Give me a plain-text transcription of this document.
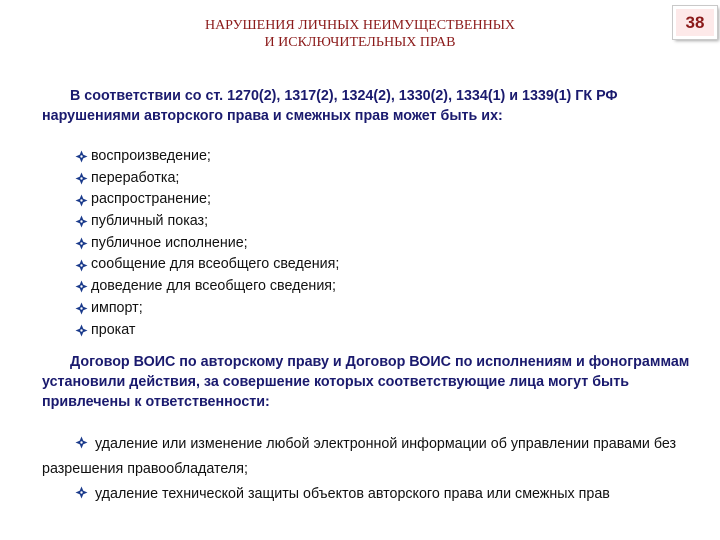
НАРУШЕНИЯ ЛИЧНЫХ НЕИМУЩЕСТВЕННЫХ
И ИСКЛЮЧИТЕЛЬНЫХ ПРАВ
38

В соответствии со ст. 1270(2), 1317(2), 1324(2), 1330(2), 1334(1) и 1339(1) ГК РФ нарушениями авторского права и смежных прав может быть их:

воспроизведение;
переработка;
распространение;
публичный показ;
публичное исполнение;
сообщение для всеобщего сведения;
доведение для всеобщего сведения;
импорт;
прокат

Договор ВОИС по авторскому праву и Договор ВОИС по исполнениям и фонограммам установили действия, за совершение которых соответствующие лица могут быть привлечены к ответственности:

удаление или изменение любой электронной информации об управлении правами без разрешения правообладателя;
удаление технической защиты объектов авторского права или смежных прав
